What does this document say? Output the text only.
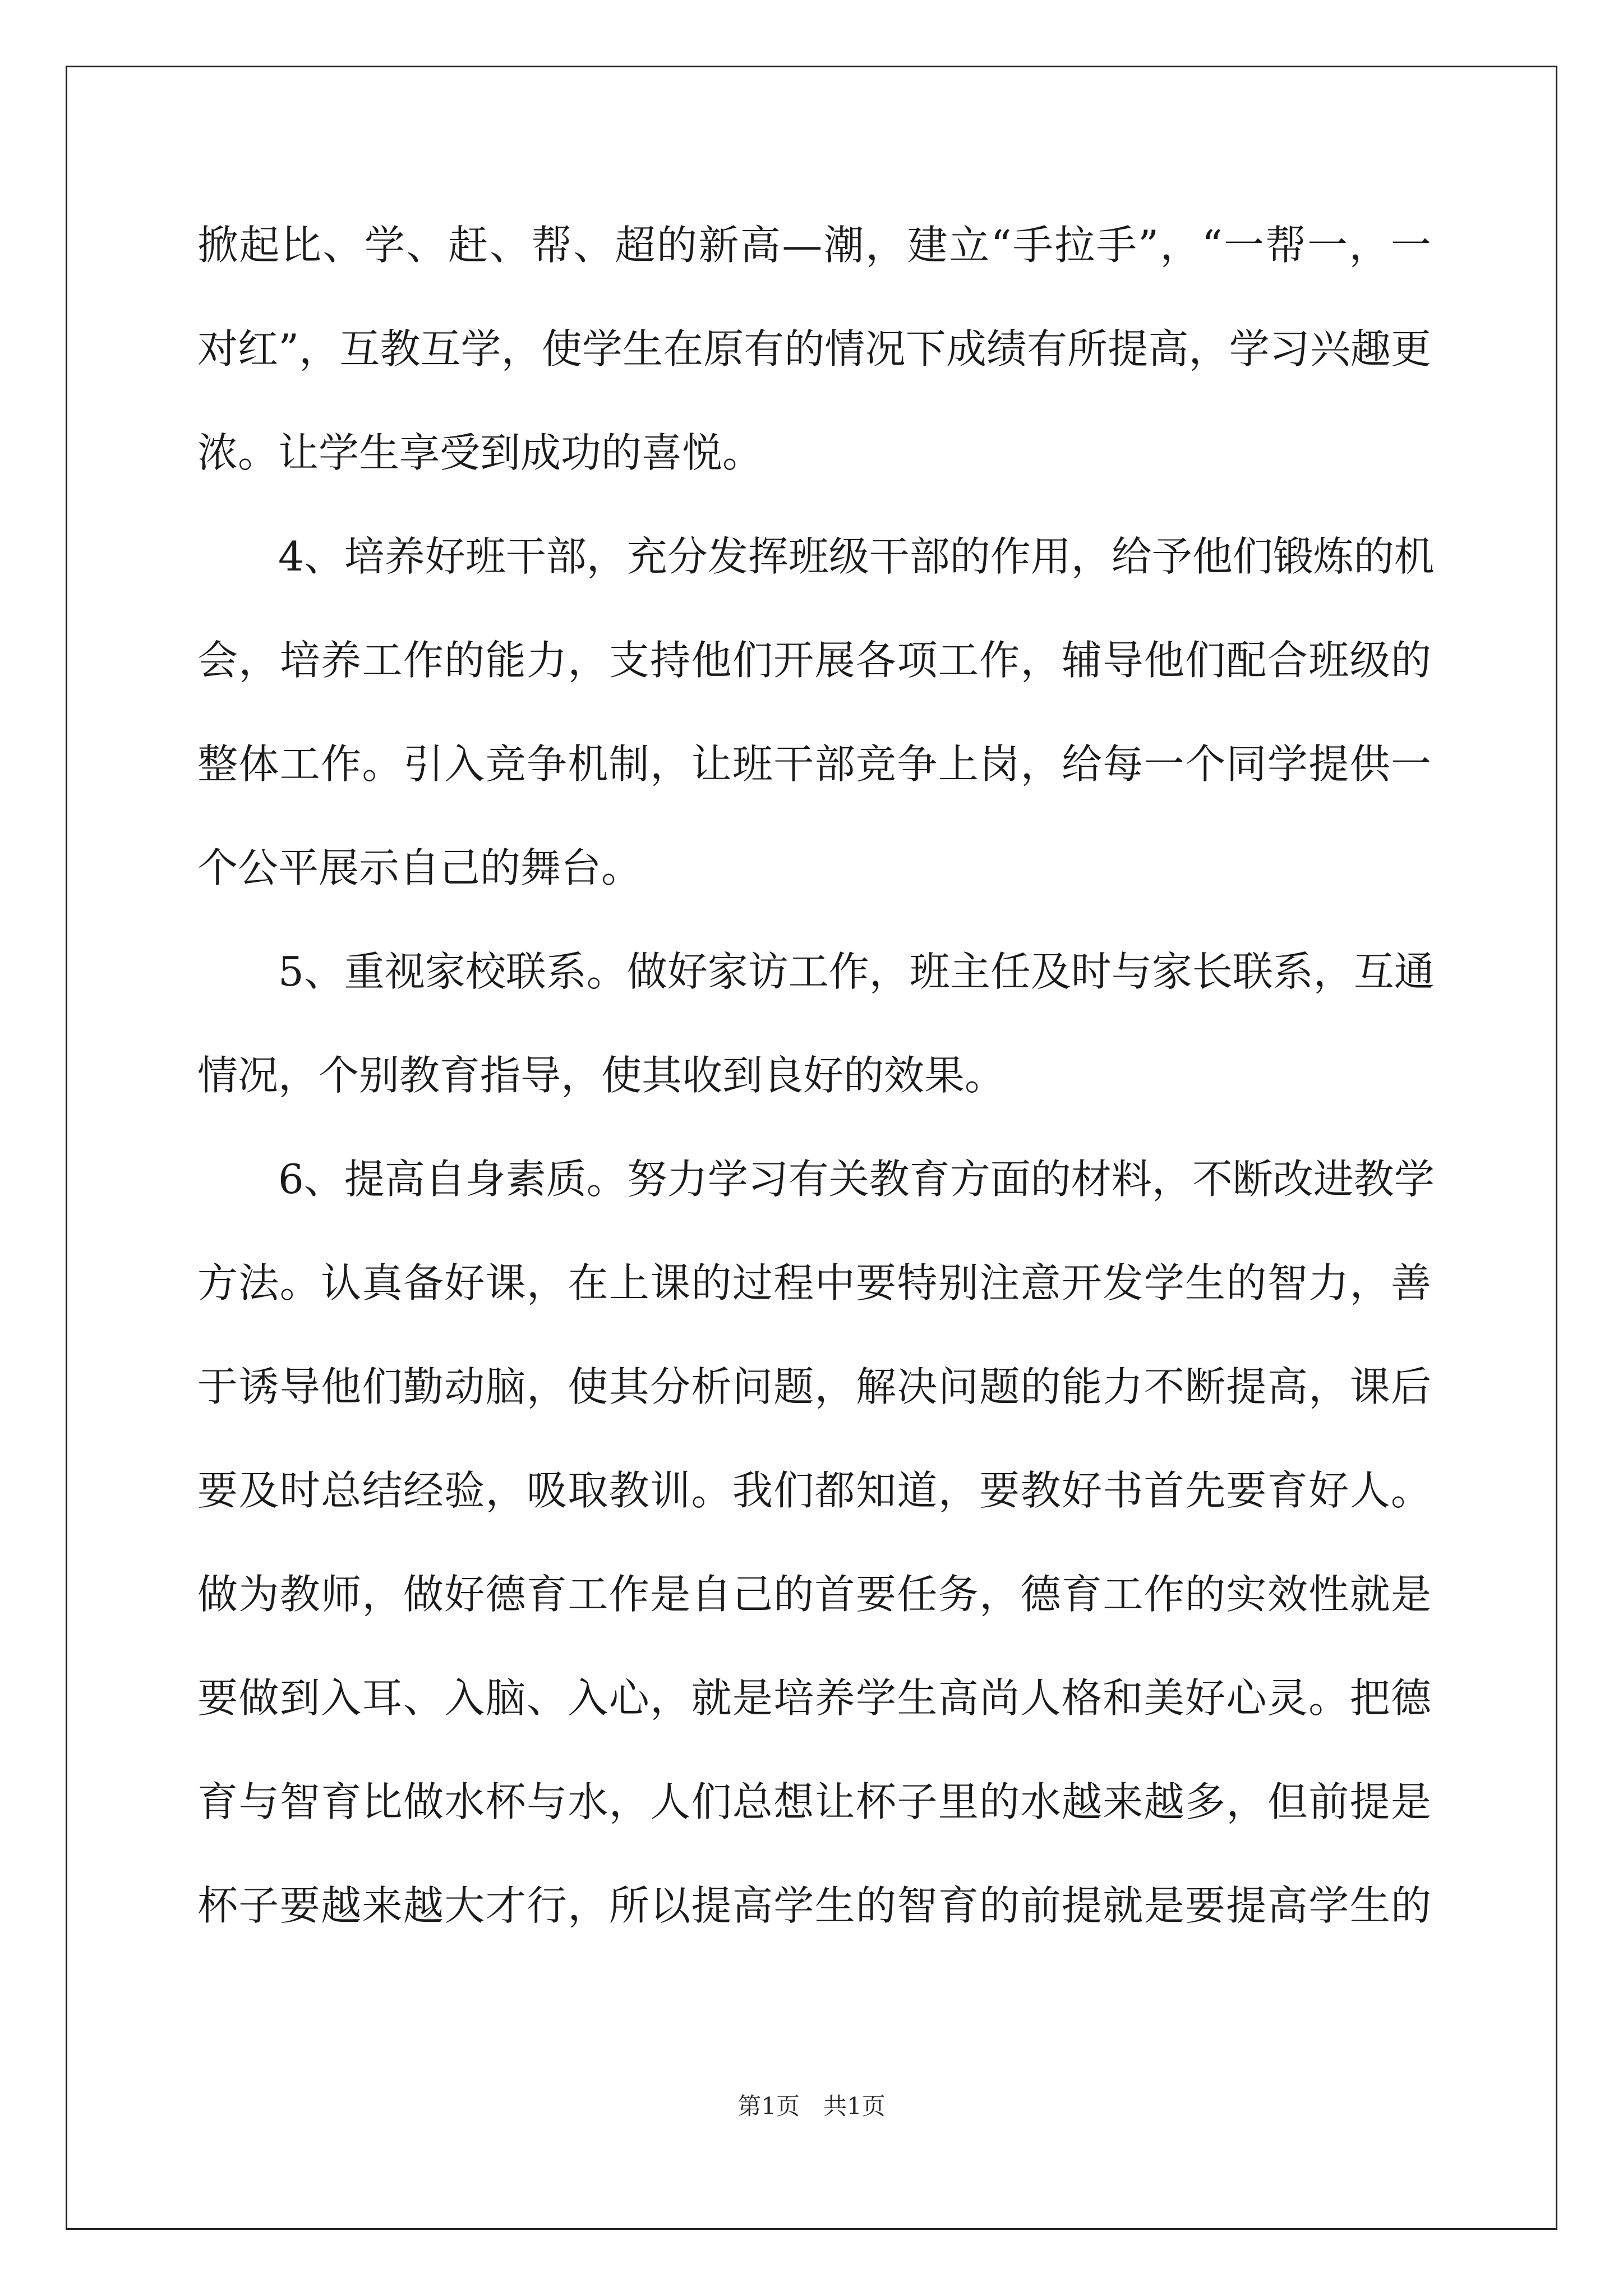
掀起比、学、赶、帮、超的新高—潮，建立“手拉手”，“一帮一，一
对红”，互教互学，使学生在原有的情况下成绩有所提高，学习兴趣更
浓。让学生享受到成功的喜悦。
　　4、培养好班干部，充分发挥班级干部的作用，给予他们锻炼的机
会，培养工作的能力，支持他们开展各项工作，辅导他们配合班级的
整体工作。引入竞争机制，让班干部竞争上岗，给每一个同学提供一
个公平展示自己的舞台。
　　5、重视家校联系。做好家访工作，班主任及时与家长联系，互通
情况，个别教育指导，使其收到良好的效果。
　　6、提高自身素质。努力学习有关教育方面的材料，不断改进教学
方法。认真备好课，在上课的过程中要特别注意开发学生的智力，善
于诱导他们勤动脑，使其分析问题，解决问题的能力不断提高，课后
要及时总结经验，吸取教训。我们都知道，要教好书首先要育好人。
做为教师，做好德育工作是自己的首要任务，德育工作的实效性就是
要做到入耳、入脑、入心，就是培养学生高尚人格和美好心灵。把德
育与智育比做水杯与水，人们总想让杯子里的水越来越多，但前提是
杯子要越来越大才行，所以提高学生的智育的前提就是要提高学生的
第1页　共1页
